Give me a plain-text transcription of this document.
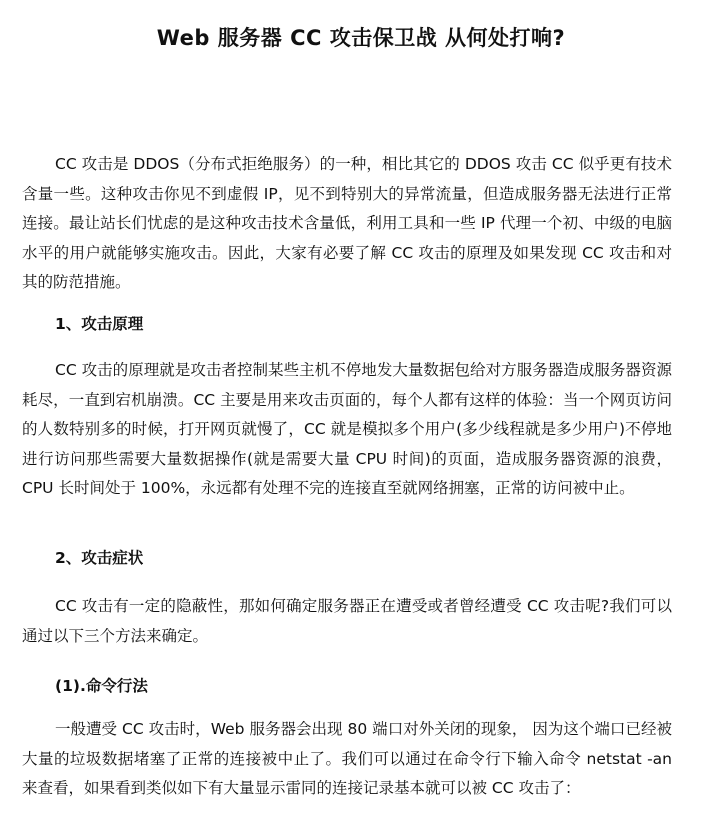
Web 服务器 CC 攻击保卫战 从何处打响?

CC 攻击是 DDOS（分布式拒绝服务）的一种，相比其它的 DDOS 攻击 CC 似乎更有技术含量一些。这种攻击你见不到虚假 IP，见不到特别大的异常流量，但造成服务器无法进行正常连接。最让站长们忧虑的是这种攻击技术含量低，利用工具和一些 IP 代理一个初、中级的电脑水平的用户就能够实施攻击。因此，大家有必要了解 CC 攻击的原理及如果发现 CC 攻击和对其的防范措施。

1、攻击原理

CC 攻击的原理就是攻击者控制某些主机不停地发大量数据包给对方服务器造成服务器资源耗尽，一直到宕机崩溃。CC 主要是用来攻击页面的，每个人都有这样的体验：当一个网页访问的人数特别多的时候，打开网页就慢了，CC 就是模拟多个用户(多少线程就是多少用户)不停地进行访问那些需要大量数据操作(就是需要大量 CPU 时间)的页面，造成服务器资源的浪费，CPU 长时间处于 100%，永远都有处理不完的连接直至就网络拥塞，正常的访问被中止。

2、攻击症状

CC 攻击有一定的隐蔽性，那如何确定服务器正在遭受或者曾经遭受 CC 攻击呢?我们可以通过以下三个方法来确定。

(1).命令行法

一般遭受 CC 攻击时，Web 服务器会出现 80 端口对外关闭的现象， 因为这个端口已经被大量的垃圾数据堵塞了正常的连接被中止了。我们可以通过在命令行下输入命令 netstat -an 来查看，如果看到类似如下有大量显示雷同的连接记录基本就可以被 CC 攻击了：
